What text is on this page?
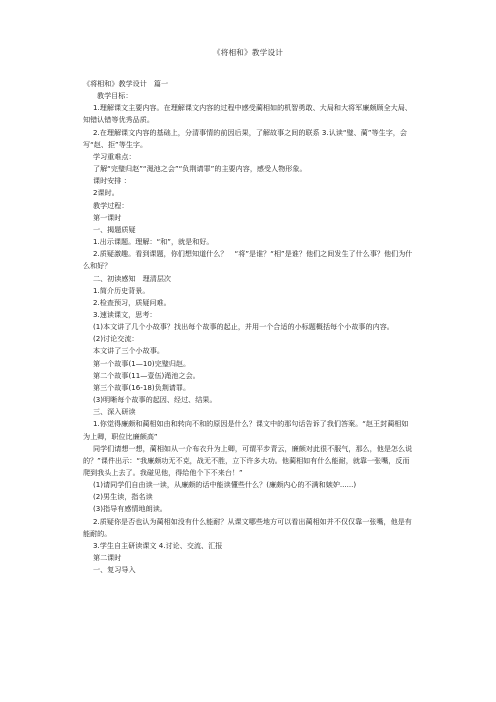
《将相和》教学设计

《将相和》教学设计　篇一

教学目标：

1.理解课文主要内容。在理解课文内容的过程中感受蔺相如的机智勇敢、大局和大将军廉颇顾全大局、知错认错等优秀品质。

2.在理解课文内容的基础上，分清事情的前因后果，了解故事之间的联系 3.认读“璧、蔺”等生字，会写“赵、拒”等生字。

学习重难点：

了解“完璧归赵”“渑池之会”“负荆请罪”的主要内容，感受人物形象。

课时安排 ：

2课时。

教学过程：

第一课时

一、揭题质疑

1.出示课题。理解：“和”，就是和好。

2.质疑激趣。看到课题，你们想知道什么？　“将”是谁？“相”是谁？他们之间发生了什么事？他们为什么和好？

二、初读感知　理清层次

1.简介历史背景。

2.检查预习，质疑问难。

3.速读课文，思考：

(1)本文讲了几个小故事？找出每个故事的起止，并用一个合适的小标题概括每个小故事的内容。

(2)讨论交流：

本文讲了三个小故事。

第一个故事(1—10)完璧归赵。

第二个故事(11—壹伍)渑池之会。

第三个故事(16-18)负荆请罪。

(3)明晰每个故事的起因、经过、结果。

三、深入研读

1.你觉得廉颇和蔺相如由和转向不和的原因是什么？课文中的那句话告诉了我们答案。“赵王封蔺相如为上卿，职位比廉颇高”

同学们请想一想，蔺相如从一介布衣升为上卿，可谓平步青云，廉颇对此很不服气，那么，他是怎么说的？”课件出示：“我廉颇功无不克，战无不胜，立下许多大功。他蔺相如有什么能耐，就靠一张嘴，反而爬到我头上去了。我碰见他，得给他个下不来台！”

(1)请同学们自由读一读，从廉颇的话中能读懂些什么？(廉颇内心的不满和嫉妒......)

(2)男生读，指名读

(3)指导有感情地朗读。

2.质疑你是否也认为蔺相如没有什么能耐？从课文哪些地方可以看出蔺相如并不仅仅靠一张嘴，他是有能耐的。

3.学生自主研读课文 4.讨论、交流、汇报

第二课时

一、复习导入
